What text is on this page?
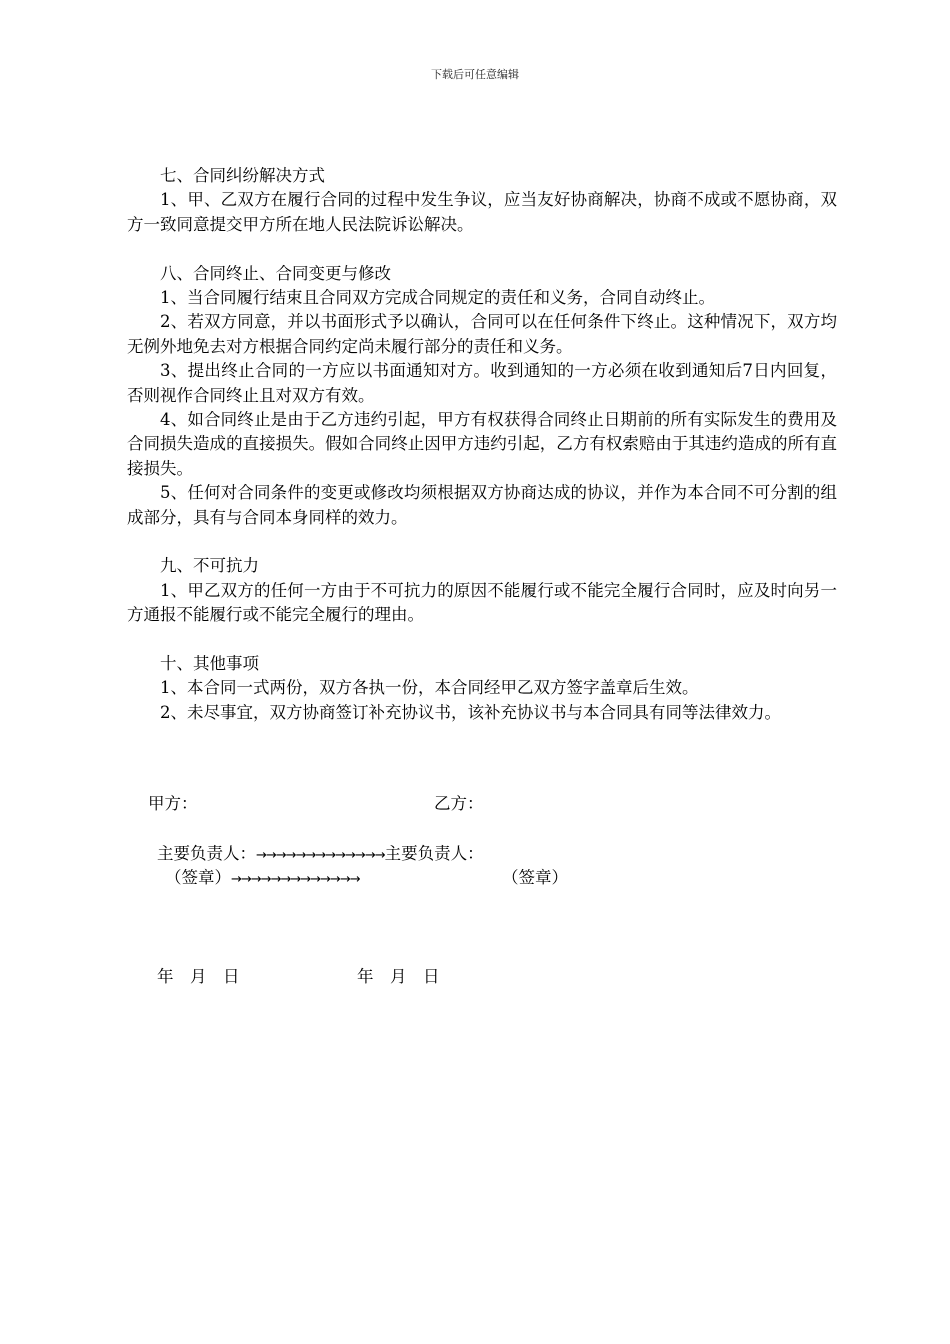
下载后可任意编辑
七、合同纠纷解决方式
1、甲、乙双方在履行合同的过程中发生争议，应当友好协商解决，协商不成或不愿协商，双方一致同意提交甲方所在地人民法院诉讼解决。
八、合同终止、合同变更与修改
1、当合同履行结束且合同双方完成合同规定的责任和义务，合同自动终止。
2、若双方同意，并以书面形式予以确认，合同可以在任何条件下终止。这种情况下，双方均无例外地免去对方根据合同约定尚未履行部分的责任和义务。
3、提出终止合同的一方应以书面通知对方。收到通知的一方必须在收到通知后7日内回复，否则视作合同终止且对双方有效。
4、如合同终止是由于乙方违约引起，甲方有权获得合同终止日期前的所有实际发生的费用及合同损失造成的直接损失。假如合同终止因甲方违约引起，乙方有权索赔由于其违约造成的所有直接损失。
5、任何对合同条件的变更或修改均须根据双方协商达成的协议，并作为本合同不可分割的组成部分，具有与合同本身同样的效力。
九、不可抗力
1、甲乙双方的任何一方由于不可抗力的原因不能履行或不能完全履行合同时，应及时向另一方通报不能履行或不能完全履行的理由。
十、其他事项
1、本合同一式两份，双方各执一份，本合同经甲乙双方签字盖章后生效。
2、未尽事宜，双方协商签订补充协议书，该补充协议书与本合同具有同等法律效力。
甲方：	乙方：
主要负责人：→→→→→→→→→→→→→主要负责人：
（签章）→→→→→→→→→→→→→	（签章）
年　月　日	年　月　日
